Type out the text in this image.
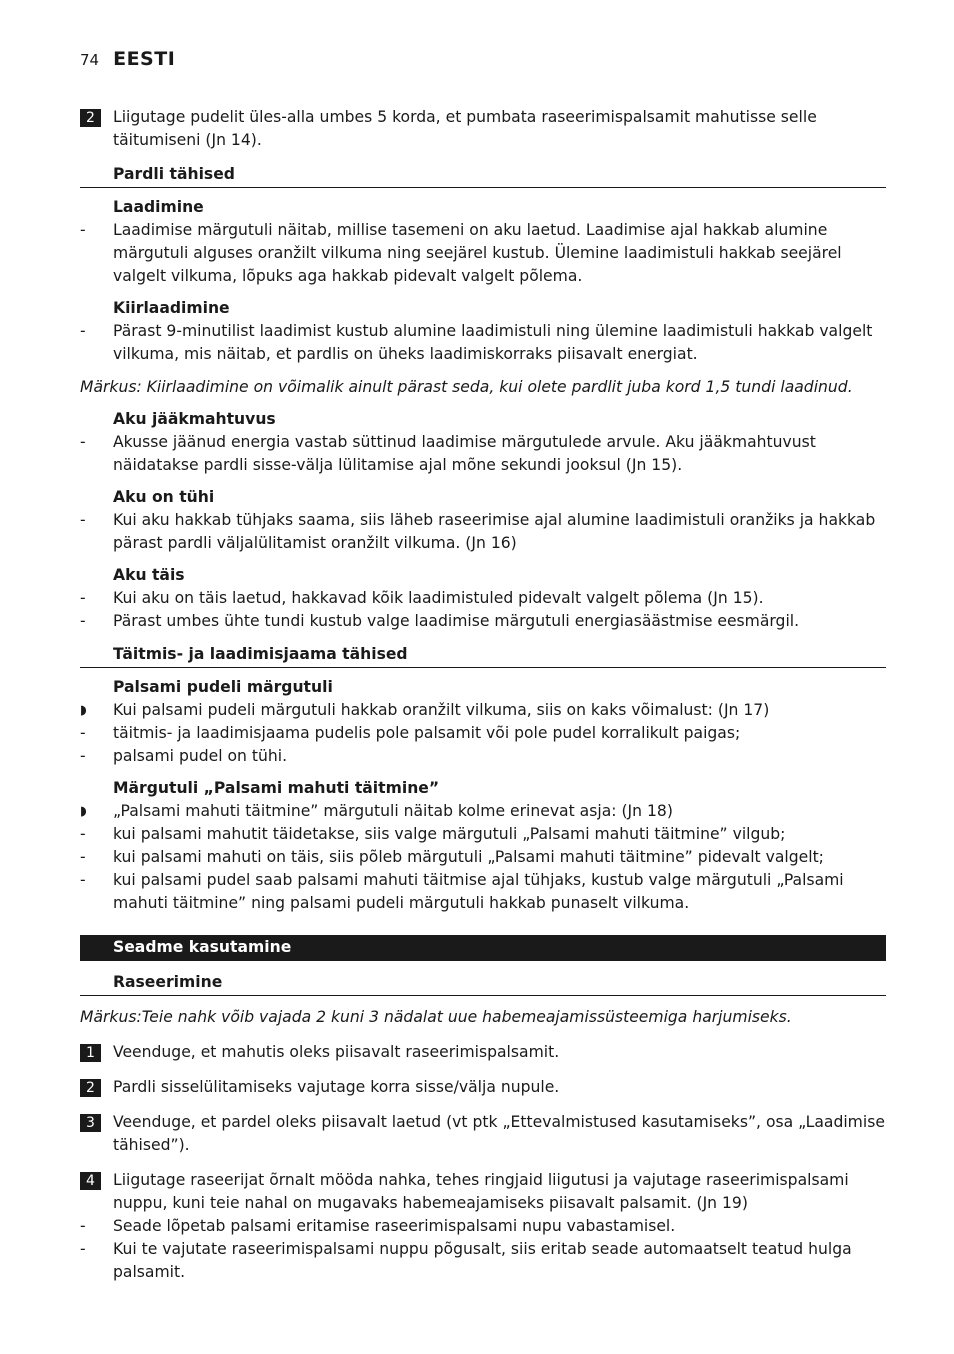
74 EESTI
2	Liigutage pudelit üles-alla umbes 5 korda, et pumbata raseerimispalsamit mahutisse selle täitumiseni (Jn 14).
Pardli tähised
Laadimine
-	Laadimise märgutuli näitab, millise tasemeni on aku laetud. Laadimise ajal hakkab alumine märgutuli alguses oranžilt vilkuma ning seejärel kustub. Ülemine laadimistuli hakkab seejärel valgelt vilkuma, lõpuks aga hakkab pidevalt valgelt põlema.
Kiirlaadimine
-	Pärast 9-minutilist laadimist kustub alumine laadimistuli ning ülemine laadimistuli hakkab valgelt vilkuma, mis näitab, et pardlis on üheks laadimiskorraks piisavalt energiat.
Märkus: Kiirlaadimine on võimalik ainult pärast seda, kui olete pardlit juba kord 1,5 tundi laadinud.
Aku jääkmahtuvus
-	Akusse jäänud energia vastab süttinud laadimise märgutulede arvule. Aku jääkmahtuvust näidatakse pardli sisse-välja lülitamise ajal mõne sekundi jooksul (Jn 15).
Aku on tühi
-	Kui aku hakkab tühjaks saama, siis läheb raseerimise ajal alumine laadimistuli oranžiks ja hakkab pärast pardli väljalülitamist oranžilt vilkuma. (Jn 16)
Aku täis
-	Kui aku on täis laetud, hakkavad kõik laadimistuled pidevalt valgelt põlema (Jn 15).
-	Pärast umbes ühte tundi kustub valge laadimise märgutuli energiasäästmise eesmärgil.
Täitmis- ja laadimisjaama tähised
Palsami pudeli märgutuli
◗	Kui palsami pudeli märgutuli hakkab oranžilt vilkuma, siis on kaks võimalust: (Jn 17)
-	täitmis- ja laadimisjaama pudelis pole palsamit või pole pudel korralikult paigas;
-	palsami pudel on tühi.
Märgutuli „Palsami mahuti täitmine”
◗	„Palsami mahuti täitmine” märgutuli näitab kolme erinevat asja: (Jn 18)
-	kui palsami mahutit täidetakse, siis valge märgutuli „Palsami mahuti täitmine” vilgub;
-	kui palsami mahuti on täis, siis põleb märgutuli „Palsami mahuti täitmine” pidevalt valgelt;
-	kui palsami pudel saab palsami mahuti täitmise ajal tühjaks, kustub valge märgutuli „Palsami mahuti täitmine” ning palsami pudeli märgutuli hakkab punaselt vilkuma.
Seadme kasutamine
Raseerimine
Märkus:Teie nahk võib vajada 2 kuni 3 nädalat uue habemeajamissüsteemiga harjumiseks.
1	Veenduge, et mahutis oleks piisavalt raseerimispalsamit.
2	Pardli sisselülitamiseks vajutage korra sisse/välja nupule.
3	Veenduge, et pardel oleks piisavalt laetud (vt ptk „Ettevalmistused kasutamiseks”, osa „Laadimise tähised”).
4	Liigutage raseerijat õrnalt mööda nahka, tehes ringjaid liigutusi ja vajutage raseerimispalsami nuppu, kuni teie nahal on mugavaks habemeajamiseks piisavalt palsamit. (Jn 19)
-	Seade lõpetab palsami eritamise raseerimispalsami nupu vabastamisel.
-	Kui te vajutate raseerimispalsami nuppu põgusalt, siis eritab seade automaatselt teatud hulga palsamit.
